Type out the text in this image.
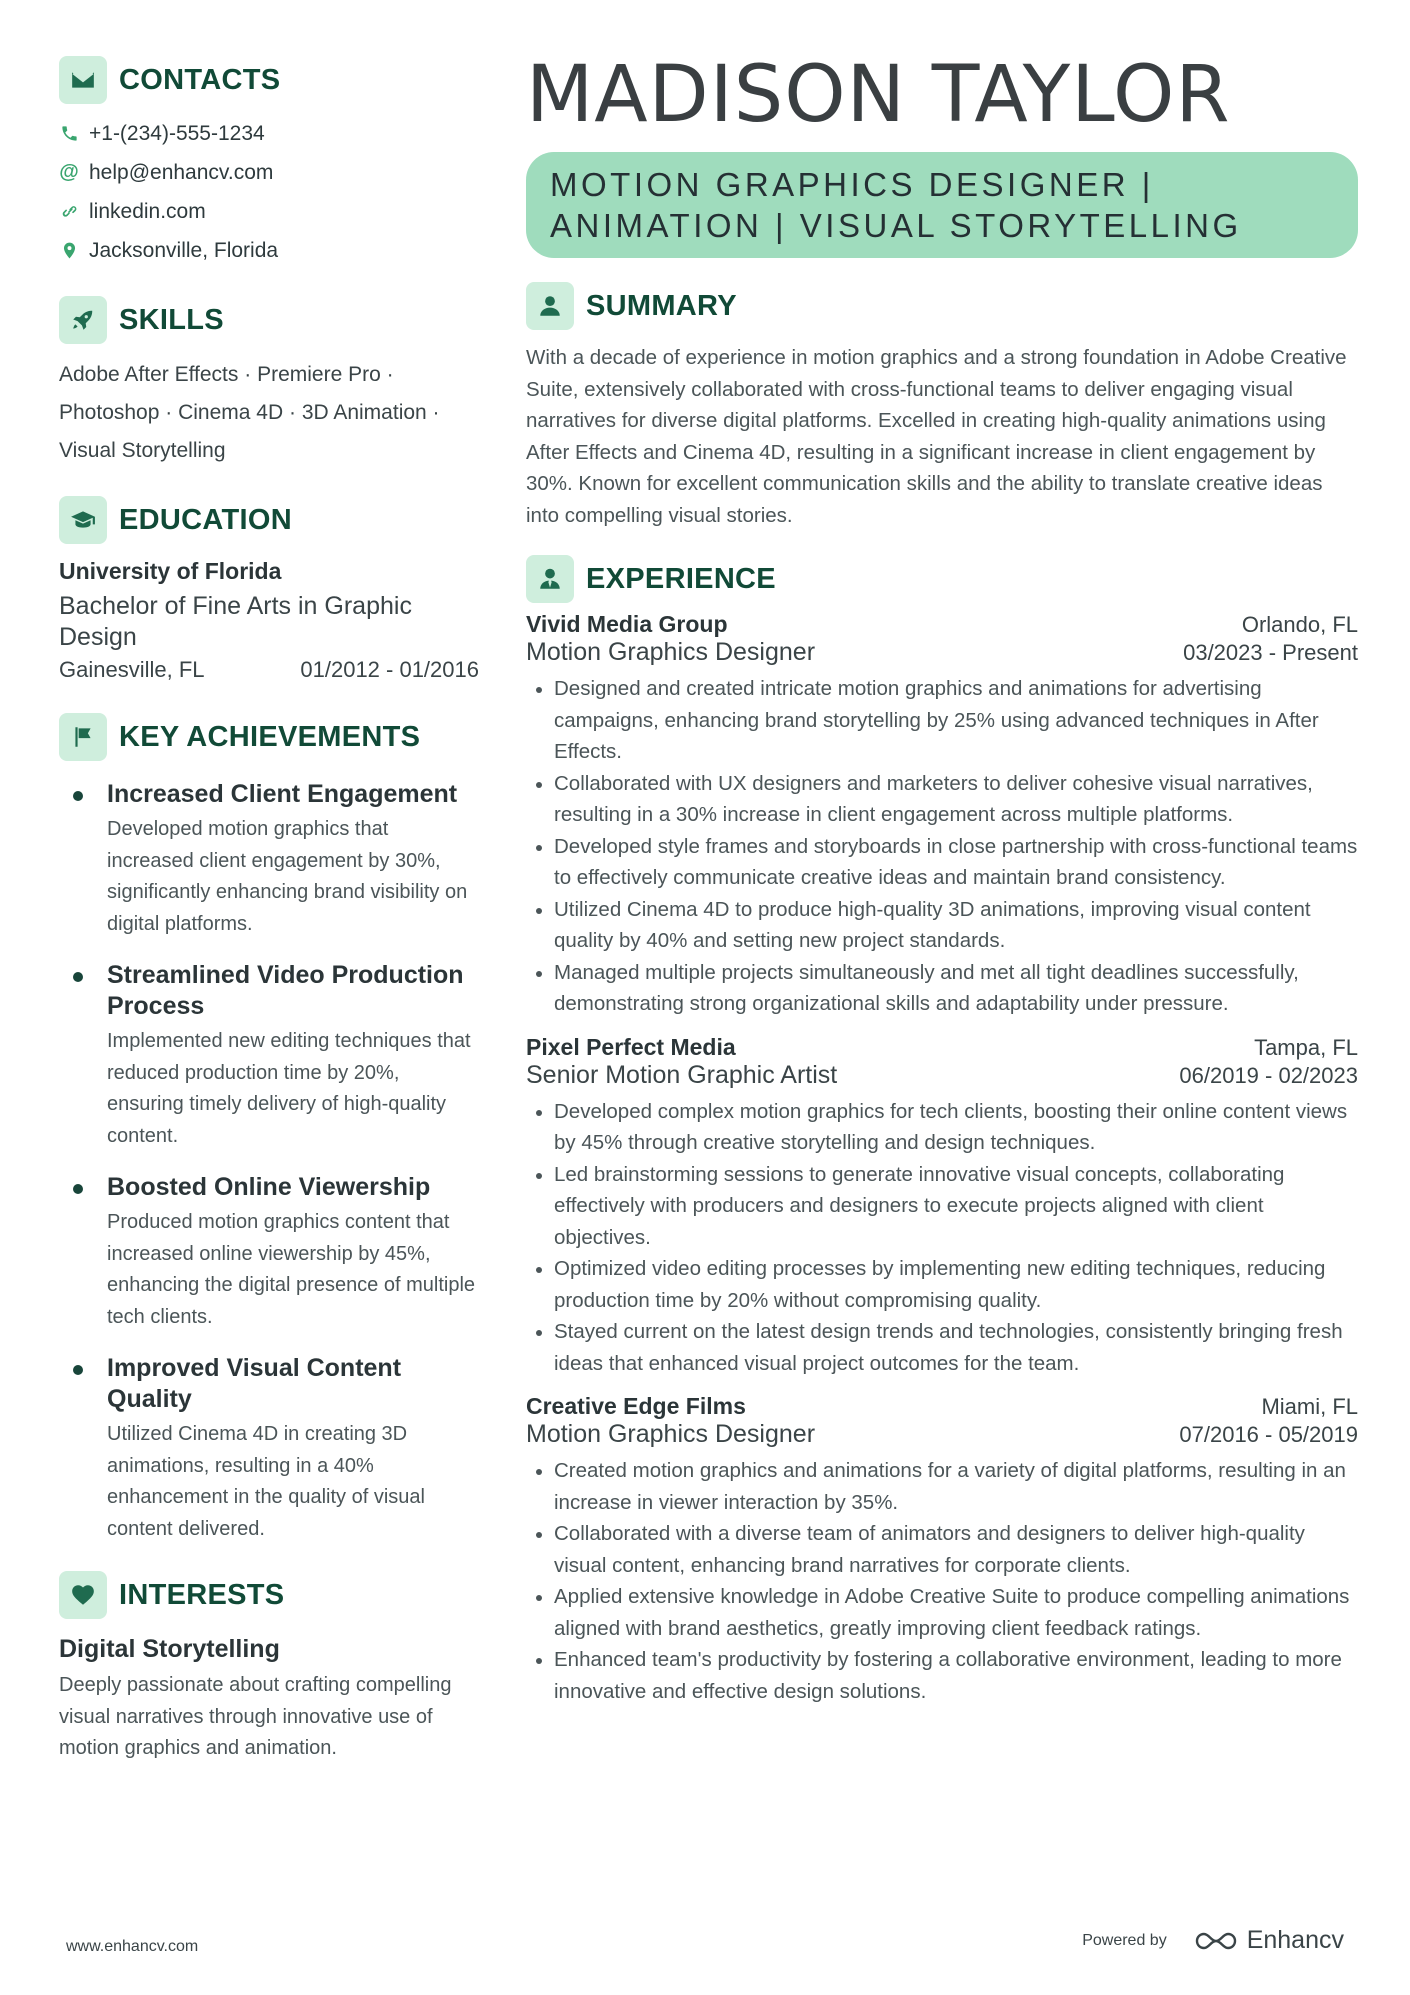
CONTACTS
+1-(234)-555-1234
@ help@enhancv.com
linkedin.com
Jacksonville, Florida
SKILLS
Adobe After Effects · Premiere Pro ·
Photoshop · Cinema 4D · 3D Animation ·
Visual Storytelling
EDUCATION
University of Florida
Bachelor of Fine Arts in Graphic Design
Gainesville, FL	01/2012 - 01/2016
KEY ACHIEVEMENTS
Increased Client Engagement
Developed motion graphics that increased client engagement by 30%, significantly enhancing brand visibility on digital platforms.
Streamlined Video Production Process
Implemented new editing techniques that reduced production time by 20%, ensuring timely delivery of high-quality content.
Boosted Online Viewership
Produced motion graphics content that increased online viewership by 45%, enhancing the digital presence of multiple tech clients.
Improved Visual Content Quality
Utilized Cinema 4D in creating 3D animations, resulting in a 40% enhancement in the quality of visual content delivered.
INTERESTS
Digital Storytelling
Deeply passionate about crafting compelling visual narratives through innovative use of motion graphics and animation.
MADISON TAYLOR
MOTION GRAPHICS DESIGNER |
ANIMATION | VISUAL STORYTELLING
SUMMARY
With a decade of experience in motion graphics and a strong foundation in Adobe Creative Suite, extensively collaborated with cross-functional teams to deliver engaging visual narratives for diverse digital platforms. Excelled in creating high-quality animations using After Effects and Cinema 4D, resulting in a significant increase in client engagement by 30%. Known for excellent communication skills and the ability to translate creative ideas into compelling visual stories.
EXPERIENCE
Vivid Media Group	Orlando, FL
Motion Graphics Designer	03/2023 - Present
Designed and created intricate motion graphics and animations for advertising campaigns, enhancing brand storytelling by 25% using advanced techniques in After Effects.
Collaborated with UX designers and marketers to deliver cohesive visual narratives, resulting in a 30% increase in client engagement across multiple platforms.
Developed style frames and storyboards in close partnership with cross-functional teams to effectively communicate creative ideas and maintain brand consistency.
Utilized Cinema 4D to produce high-quality 3D animations, improving visual content quality by 40% and setting new project standards.
Managed multiple projects simultaneously and met all tight deadlines successfully, demonstrating strong organizational skills and adaptability under pressure.
Pixel Perfect Media	Tampa, FL
Senior Motion Graphic Artist	06/2019 - 02/2023
Developed complex motion graphics for tech clients, boosting their online content views by 45% through creative storytelling and design techniques.
Led brainstorming sessions to generate innovative visual concepts, collaborating effectively with producers and designers to execute projects aligned with client objectives.
Optimized video editing processes by implementing new editing techniques, reducing production time by 20% without compromising quality.
Stayed current on the latest design trends and technologies, consistently bringing fresh ideas that enhanced visual project outcomes for the team.
Creative Edge Films	Miami, FL
Motion Graphics Designer	07/2016 - 05/2019
Created motion graphics and animations for a variety of digital platforms, resulting in an increase in viewer interaction by 35%.
Collaborated with a diverse team of animators and designers to deliver high-quality visual content, enhancing brand narratives for corporate clients.
Applied extensive knowledge in Adobe Creative Suite to produce compelling animations aligned with brand aesthetics, greatly improving client feedback ratings.
Enhanced team's productivity by fostering a collaborative environment, leading to more innovative and effective design solutions.
www.enhancv.com	Powered by	Enhancv
